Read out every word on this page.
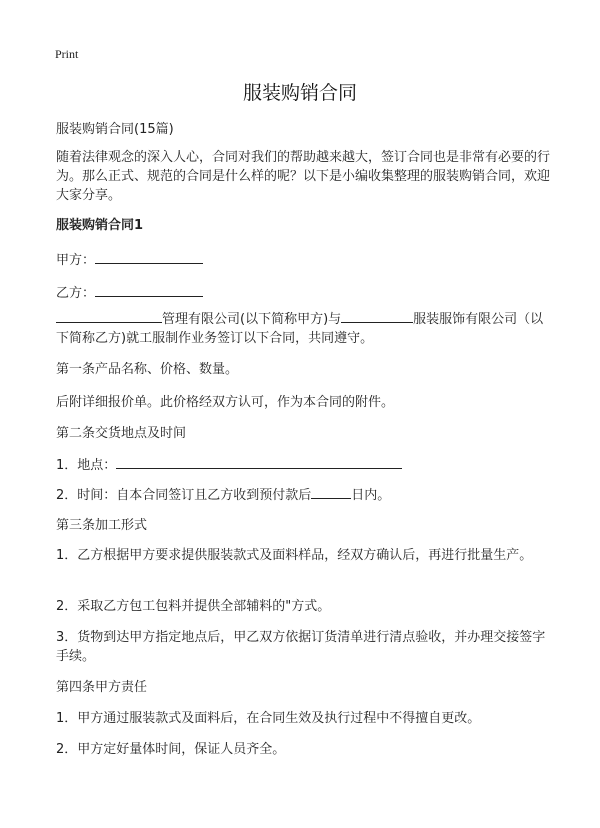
Print
服装购销合同
服装购销合同(15篇)
随着法律观念的深入人心，合同对我们的帮助越来越大，签订合同也是非常有必要的行为。那么正式、规范的合同是什么样的呢？以下是小编收集整理的服装购销合同，欢迎大家分享。
服装购销合同1
甲方：
乙方：
管理有限公司(以下简称甲方)与	服装服饰有限公司（以下简称乙方)就工服制作业务签订以下合同，共同遵守。
第一条产品名称、价格、数量。
后附详细报价单。此价格经双方认可，作为本合同的附件。
第二条交货地点及时间
1．地点：
2．时间：自本合同签订且乙方收到预付款后	日内。
第三条加工形式
1．乙方根据甲方要求提供服装款式及面料样品，经双方确认后，再进行批量生产。
2．采取乙方包工包料并提供全部辅料的"方式。
3．货物到达甲方指定地点后，甲乙双方依据订货清单进行清点验收，并办理交接签字手续。
第四条甲方责任
1．甲方通过服装款式及面料后，在合同生效及执行过程中不得擅自更改。
2．甲方定好量体时间，保证人员齐全。
